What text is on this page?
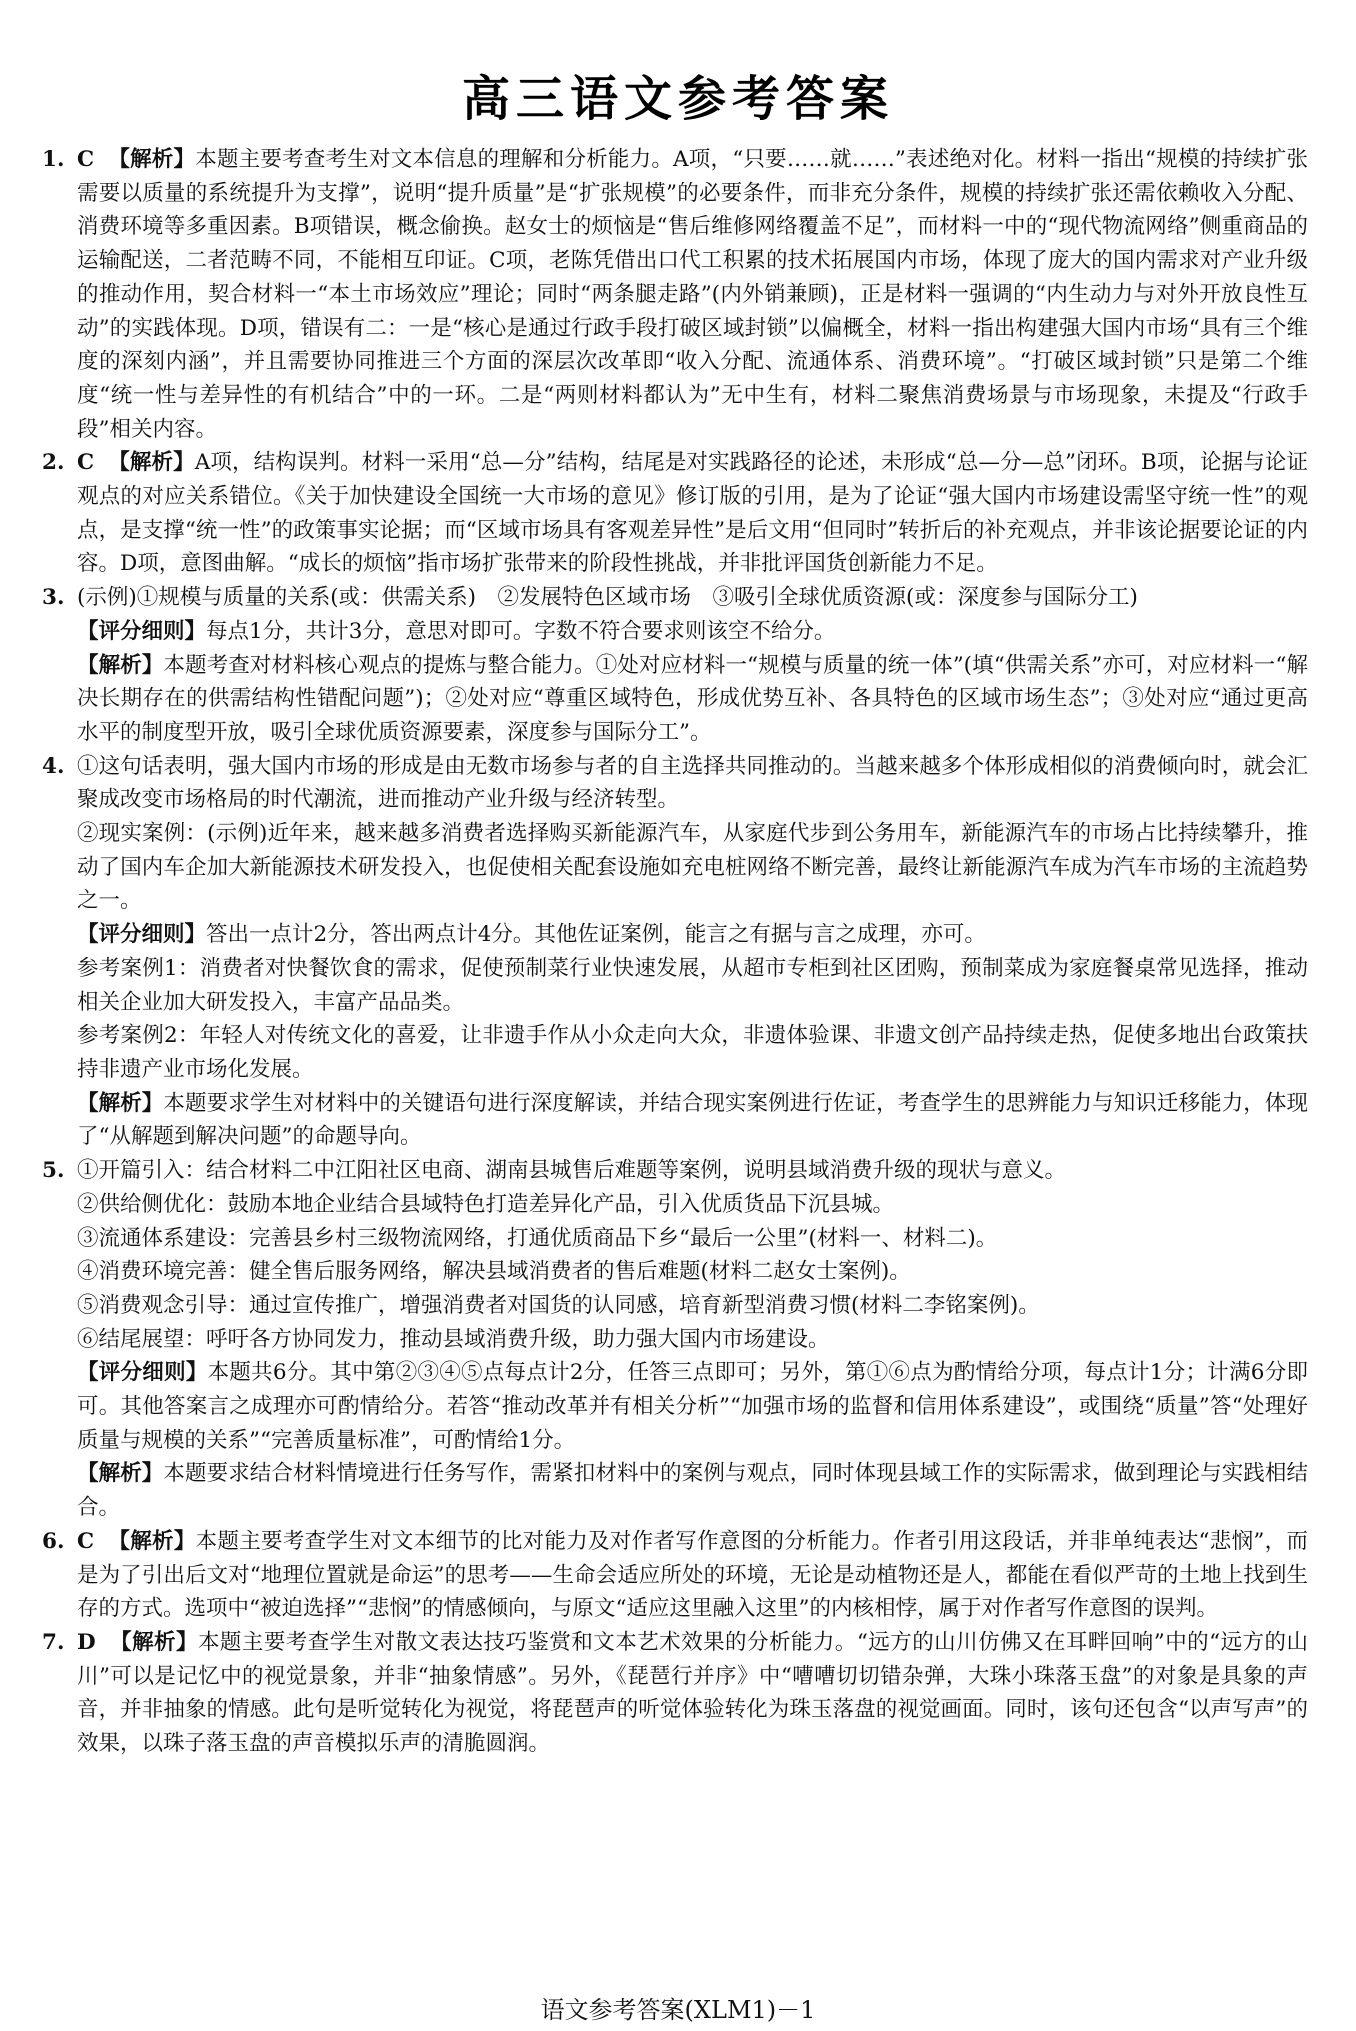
高三语文参考答案
1. C 【解析】本题主要考查考生对文本信息的理解和分析能力。A项，“只要……就……”表述绝对化。材料一指出“规模的持续扩张需要以质量的系统提升为支撑”，说明“提升质量”是“扩张规模”的必要条件，而非充分条件，规模的持续扩张还需依赖收入分配、消费环境等多重因素。B项错误，概念偷换。赵女士的烦恼是“售后维修网络覆盖不足”，而材料一中的“现代物流网络”侧重商品的运输配送，二者范畴不同，不能相互印证。C项，老陈凭借出口代工积累的技术拓展国内市场，体现了庞大的国内需求对产业升级的推动作用，契合材料一“本土市场效应”理论；同时“两条腿走路”(内外销兼顾)，正是材料一强调的“内生动力与对外开放良性互动”的实践体现。D项，错误有二：一是“核心是通过行政手段打破区域封锁”以偏概全，材料一指出构建强大国内市场“具有三个维度的深刻内涵”，并且需要协同推进三个方面的深层次改革即“收入分配、流通体系、消费环境”。“打破区域封锁”只是第二个维度“统一性与差异性的有机结合”中的一环。二是“两则材料都认为”无中生有，材料二聚焦消费场景与市场现象，未提及“行政手段”相关内容。
2. C 【解析】A项，结构误判。材料一采用“总—分”结构，结尾是对实践路径的论述，未形成“总—分—总”闭环。B项，论据与论证观点的对应关系错位。《关于加快建设全国统一大市场的意见》修订版的引用，是为了论证“强大国内市场建设需坚守统一性”的观点，是支撑“统一性”的政策事实论据；而“区域市场具有客观差异性”是后文用“但同时”转折后的补充观点，并非该论据要论证的内容。D项，意图曲解。“成长的烦恼”指市场扩张带来的阶段性挑战，并非批评国货创新能力不足。
3. (示例)①规模与质量的关系(或：供需关系)　②发展特色区域市场　③吸引全球优质资源(或：深度参与国际分工)

【评分细则】每点1分，共计3分，意思对即可。字数不符合要求则该空不给分。

【解析】本题考查对材料核心观点的提炼与整合能力。①处对应材料一“规模与质量的统一体”(填“供需关系”亦可，对应材料一“解决长期存在的供需结构性错配问题”)；②处对应“尊重区域特色，形成优势互补、各具特色的区域市场生态”；③处对应“通过更高水平的制度型开放，吸引全球优质资源要素，深度参与国际分工”。

4. ①这句话表明，强大国内市场的形成是由无数市场参与者的自主选择共同推动的。当越来越多个体形成相似的消费倾向时，就会汇聚成改变市场格局的时代潮流，进而推动产业升级与经济转型。

②现实案例：(示例)近年来，越来越多消费者选择购买新能源汽车，从家庭代步到公务用车，新能源汽车的市场占比持续攀升，推动了国内车企加大新能源技术研发投入，也促使相关配套设施如充电桩网络不断完善，最终让新能源汽车成为汽车市场的主流趋势之一。

【评分细则】答出一点计2分，答出两点计4分。其他佐证案例，能言之有据与言之成理，亦可。

参考案例1：消费者对快餐饮食的需求，促使预制菜行业快速发展，从超市专柜到社区团购，预制菜成为家庭餐桌常见选择，推动相关企业加大研发投入，丰富产品品类。

参考案例2：年轻人对传统文化的喜爱，让非遗手作从小众走向大众，非遗体验课、非遗文创产品持续走热，促使多地出台政策扶持非遗产业市场化发展。

【解析】本题要求学生对材料中的关键语句进行深度解读，并结合现实案例进行佐证，考查学生的思辨能力与知识迁移能力，体现了“从解题到解决问题”的命题导向。

5. ①开篇引入：结合材料二中江阳社区电商、湖南县城售后难题等案例，说明县域消费升级的现状与意义。

②供给侧优化：鼓励本地企业结合县域特色打造差异化产品，引入优质货品下沉县城。

③流通体系建设：完善县乡村三级物流网络，打通优质商品下乡“最后一公里”(材料一、材料二)。

④消费环境完善：健全售后服务网络，解决县域消费者的售后难题(材料二赵女士案例)。

⑤消费观念引导：通过宣传推广，增强消费者对国货的认同感，培育新型消费习惯(材料二李铭案例)。

⑥结尾展望：呼吁各方协同发力，推动县域消费升级，助力强大国内市场建设。

【评分细则】本题共6分。其中第②③④⑤点每点计2分，任答三点即可；另外，第①⑥点为酌情给分项，每点计1分；计满6分即可。其他答案言之成理亦可酌情给分。若答“推动改革并有相关分析”“加强市场的监督和信用体系建设”，或围绕“质量”答“处理好质量与规模的关系”“完善质量标准”，可酌情给1分。

【解析】本题要求结合材料情境进行任务写作，需紧扣材料中的案例与观点，同时体现县域工作的实际需求，做到理论与实践相结合。

6. C 【解析】本题主要考查学生对文本细节的比对能力及对作者写作意图的分析能力。作者引用这段话，并非单纯表达“悲悯”，而是为了引出后文对“地理位置就是命运”的思考——生命会适应所处的环境，无论是动植物还是人，都能在看似严苛的土地上找到生存的方式。选项中“被迫选择”“悲悯”的情感倾向，与原文“适应这里融入这里”的内核相悖，属于对作者写作意图的误判。
7. D 【解析】本题主要考查学生对散文表达技巧鉴赏和文本艺术效果的分析能力。“远方的山川仿佛又在耳畔回响”中的“远方的山川”可以是记忆中的视觉景象，并非“抽象情感”。另外，《琵琶行并序》中“嘈嘈切切错杂弹，大珠小珠落玉盘”的对象是具象的声音，并非抽象的情感。此句是听觉转化为视觉，将琵琶声的听觉体验转化为珠玉落盘的视觉画面。同时，该句还包含“以声写声”的效果，以珠子落玉盘的声音模拟乐声的清脆圆润。
语文参考答案(XLM1)－1
